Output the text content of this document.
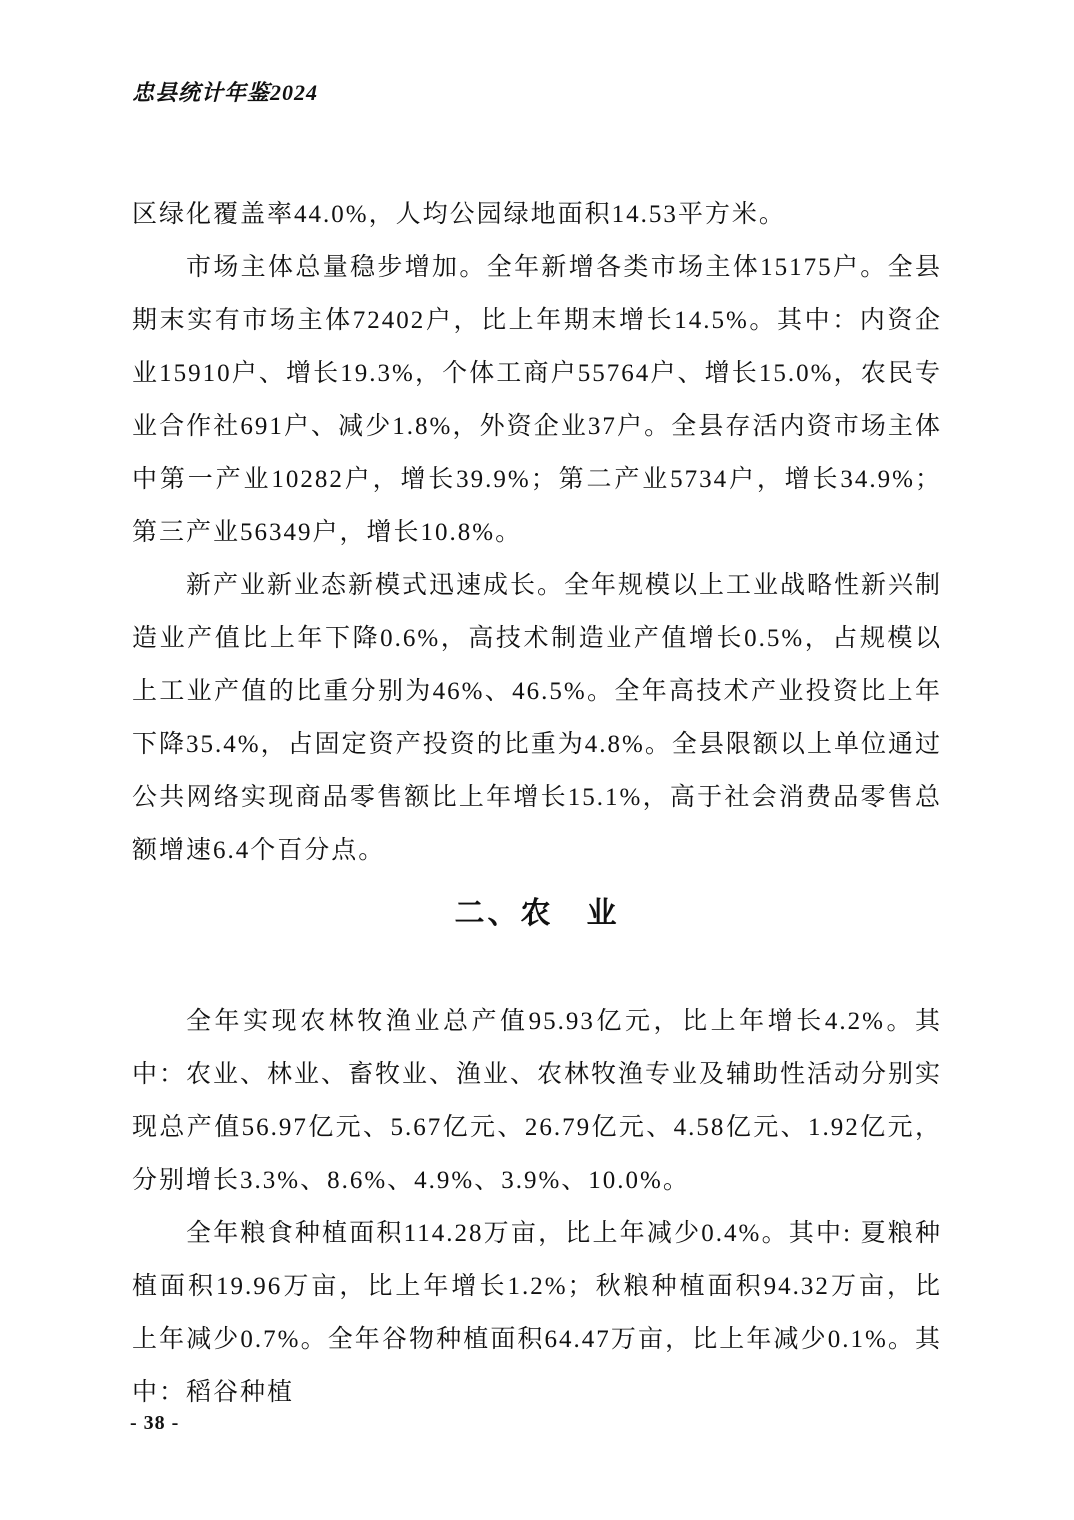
忠县统计年鉴2024

区绿化覆盖率44.0%，人均公园绿地面积14.53平方米。

市场主体总量稳步增加。全年新增各类市场主体15175户。全县期末实有市场主体72402户，比上年期末增长14.5%。其中：内资企业15910户、增长19.3%，个体工商户55764户、增长15.0%，农民专业合作社691户、减少1.8%，外资企业37户。全县存活内资市场主体中第一产业10282户，增长39.9%；第二产业5734户，增长34.9%；第三产业56349户，增长10.8%。

新产业新业态新模式迅速成长。全年规模以上工业战略性新兴制造业产值比上年下降0.6%，高技术制造业产值增长0.5%，占规模以上工业产值的比重分别为46%、46.5%。全年高技术产业投资比上年下降35.4%，占固定资产投资的比重为4.8%。全县限额以上单位通过公共网络实现商品零售额比上年增长15.1%，高于社会消费品零售总额增速6.4个百分点。

二、农　业

全年实现农林牧渔业总产值95.93亿元，比上年增长4.2%。其中：农业、林业、畜牧业、渔业、农林牧渔专业及辅助性活动分别实现总产值56.97亿元、5.67亿元、26.79亿元、4.58亿元、1.92亿元，分别增长3.3%、8.6%、4.9%、3.9%、10.0%。

全年粮食种植面积114.28万亩，比上年减少0.4%。其中: 夏粮种植面积19.96万亩，比上年增长1.2%；秋粮种植面积94.32万亩，比上年减少0.7%。全年谷物种植面积64.47万亩，比上年减少0.1%。其中：稻谷种植

- 38 -
